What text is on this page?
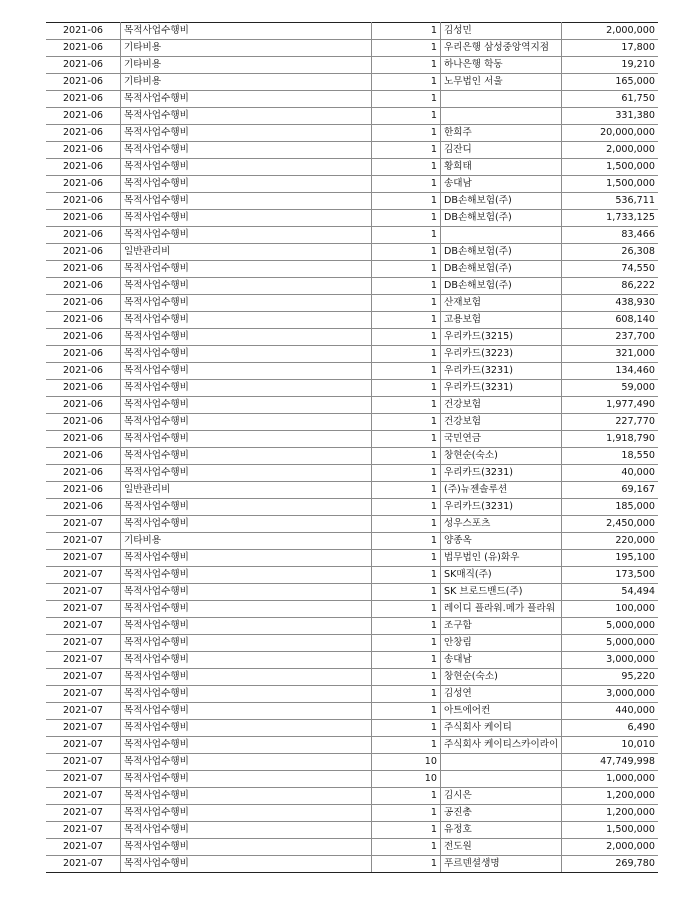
2021-06	목적사업수행비	1	김성민	2,000,000
2021-06	기타비용	1	우리은행 삼성중앙역지점	17,800
2021-06	기타비용	1	하나은행 학동	19,210
2021-06	기타비용	1	노무법인 서울	165,000
2021-06	목적사업수행비	1		61,750
2021-06	목적사업수행비	1		331,380
2021-06	목적사업수행비	1	한희주	20,000,000
2021-06	목적사업수행비	1	김잔디	2,000,000
2021-06	목적사업수행비	1	황희태	1,500,000
2021-06	목적사업수행비	1	송대남	1,500,000
2021-06	목적사업수행비	1	DB손해보험(주)	536,711
2021-06	목적사업수행비	1	DB손해보험(주)	1,733,125
2021-06	목적사업수행비	1		83,466
2021-06	일반관리비	1	DB손해보험(주)	26,308
2021-06	목적사업수행비	1	DB손해보험(주)	74,550
2021-06	목적사업수행비	1	DB손해보험(주)	86,222
2021-06	목적사업수행비	1	산재보험	438,930
2021-06	목적사업수행비	1	고용보험	608,140
2021-06	목적사업수행비	1	우리카드(3215)	237,700
2021-06	목적사업수행비	1	우리카드(3223)	321,000
2021-06	목적사업수행비	1	우리카드(3231)	134,460
2021-06	목적사업수행비	1	우리카드(3231)	59,000
2021-06	목적사업수행비	1	건강보험	1,977,490
2021-06	목적사업수행비	1	건강보험	227,770
2021-06	목적사업수행비	1	국민연금	1,918,790
2021-06	목적사업수행비	1	창현순(숙소)	18,550
2021-06	목적사업수행비	1	우리카드(3231)	40,000
2021-06	일반관리비	1	(주)뉴젠솔루션	69,167
2021-06	목적사업수행비	1	우리카드(3231)	185,000
2021-07	목적사업수행비	1	성우스포츠	2,450,000
2021-07	기타비용	1	양종옥	220,000
2021-07	목적사업수행비	1	법무법인 (유)화우	195,100
2021-07	목적사업수행비	1	SK매직(주)	173,500
2021-07	목적사업수행비	1	SK 브로드밴드(주)	54,494
2021-07	목적사업수행비	1	레이디 플라워.메가 플라워	100,000
2021-07	목적사업수행비	1	조구함	5,000,000
2021-07	목적사업수행비	1	안창림	5,000,000
2021-07	목적사업수행비	1	송대남	3,000,000
2021-07	목적사업수행비	1	창현순(숙소)	95,220
2021-07	목적사업수행비	1	김성연	3,000,000
2021-07	목적사업수행비	1	아트에어컨	440,000
2021-07	목적사업수행비	1	주식회사 케이티	6,490
2021-07	목적사업수행비	1	주식회사 케이티스카이라이	10,010
2021-07	목적사업수행비	10		47,749,998
2021-07	목적사업수행비	10		1,000,000
2021-07	목적사업수행비	1	김시은	1,200,000
2021-07	목적사업수행비	1	공진총	1,200,000
2021-07	목적사업수행비	1	유정호	1,500,000
2021-07	목적사업수행비	1	전도원	2,000,000
2021-07	목적사업수행비	1	푸르덴셜생명	269,780
